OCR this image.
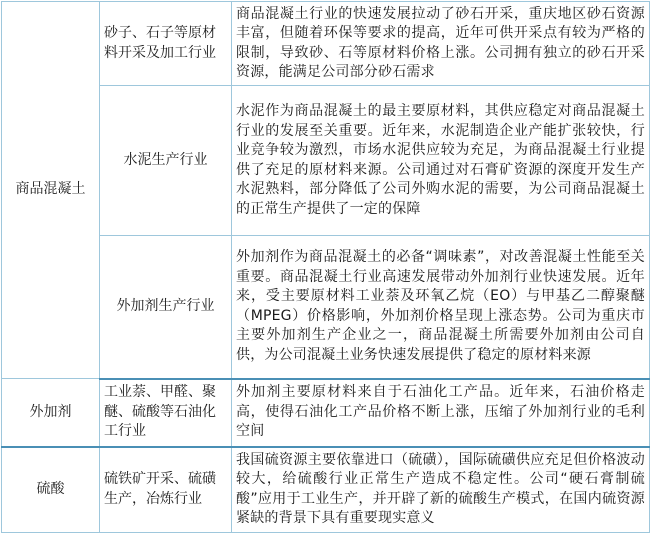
商品混凝土	砂子、石子等原材料开采及加工行业	商品混凝土行业的快速发展拉动了砂石开采，重庆地区砂石资源丰富，但随着环保等要求的提高，近年可供开采点有较为严格的限制，导致砂、石等原材料价格上涨。公司拥有独立的砂石开采资源，能满足公司部分砂石需求
	水泥生产行业	水泥作为商品混凝土的最主要原材料，其供应稳定对商品混凝土行业的发展至关重要。近年来，水泥制造企业产能扩张较快，行业竞争较为激烈，市场水泥供应较为充足，为商品混凝土行业提供了充足的原材料来源。公司通过对石膏矿资源的深度开发生产水泥熟料，部分降低了公司外购水泥的需要，为公司商品混凝土的正常生产提供了一定的保障
	外加剂生产行业	外加剂作为商品混凝土的必备“调味素”，对改善混凝土性能至关重要。商品混凝土行业高速发展带动外加剂行业快速发展。近年来，受主要原材料工业萘及环氧乙烷（EO）与甲基乙二醇聚醚（MPEG）价格影响，外加剂价格呈现上涨态势。公司为重庆市主要外加剂生产企业之一，商品混凝土所需要外加剂由公司自供，为公司混凝土业务快速发展提供了稳定的原材料来源
外加剂	工业萘、甲醛、聚醚、硫酸等石油化工行业	外加剂主要原材料来自于石油化工产品。近年来，石油价格走高，使得石油化工产品价格不断上涨，压缩了外加剂行业的毛利空间
硫酸	硫铁矿开采、硫磺生产，冶炼行业	我国硫资源主要依靠进口（硫磺），国际硫磺供应充足但价格波动较大，给硫酸行业正常生产造成不稳定性。公司“硬石膏制硫酸”应用于工业生产，并开辟了新的硫酸生产模式，在国内硫资源紧缺的背景下具有重要现实意义
